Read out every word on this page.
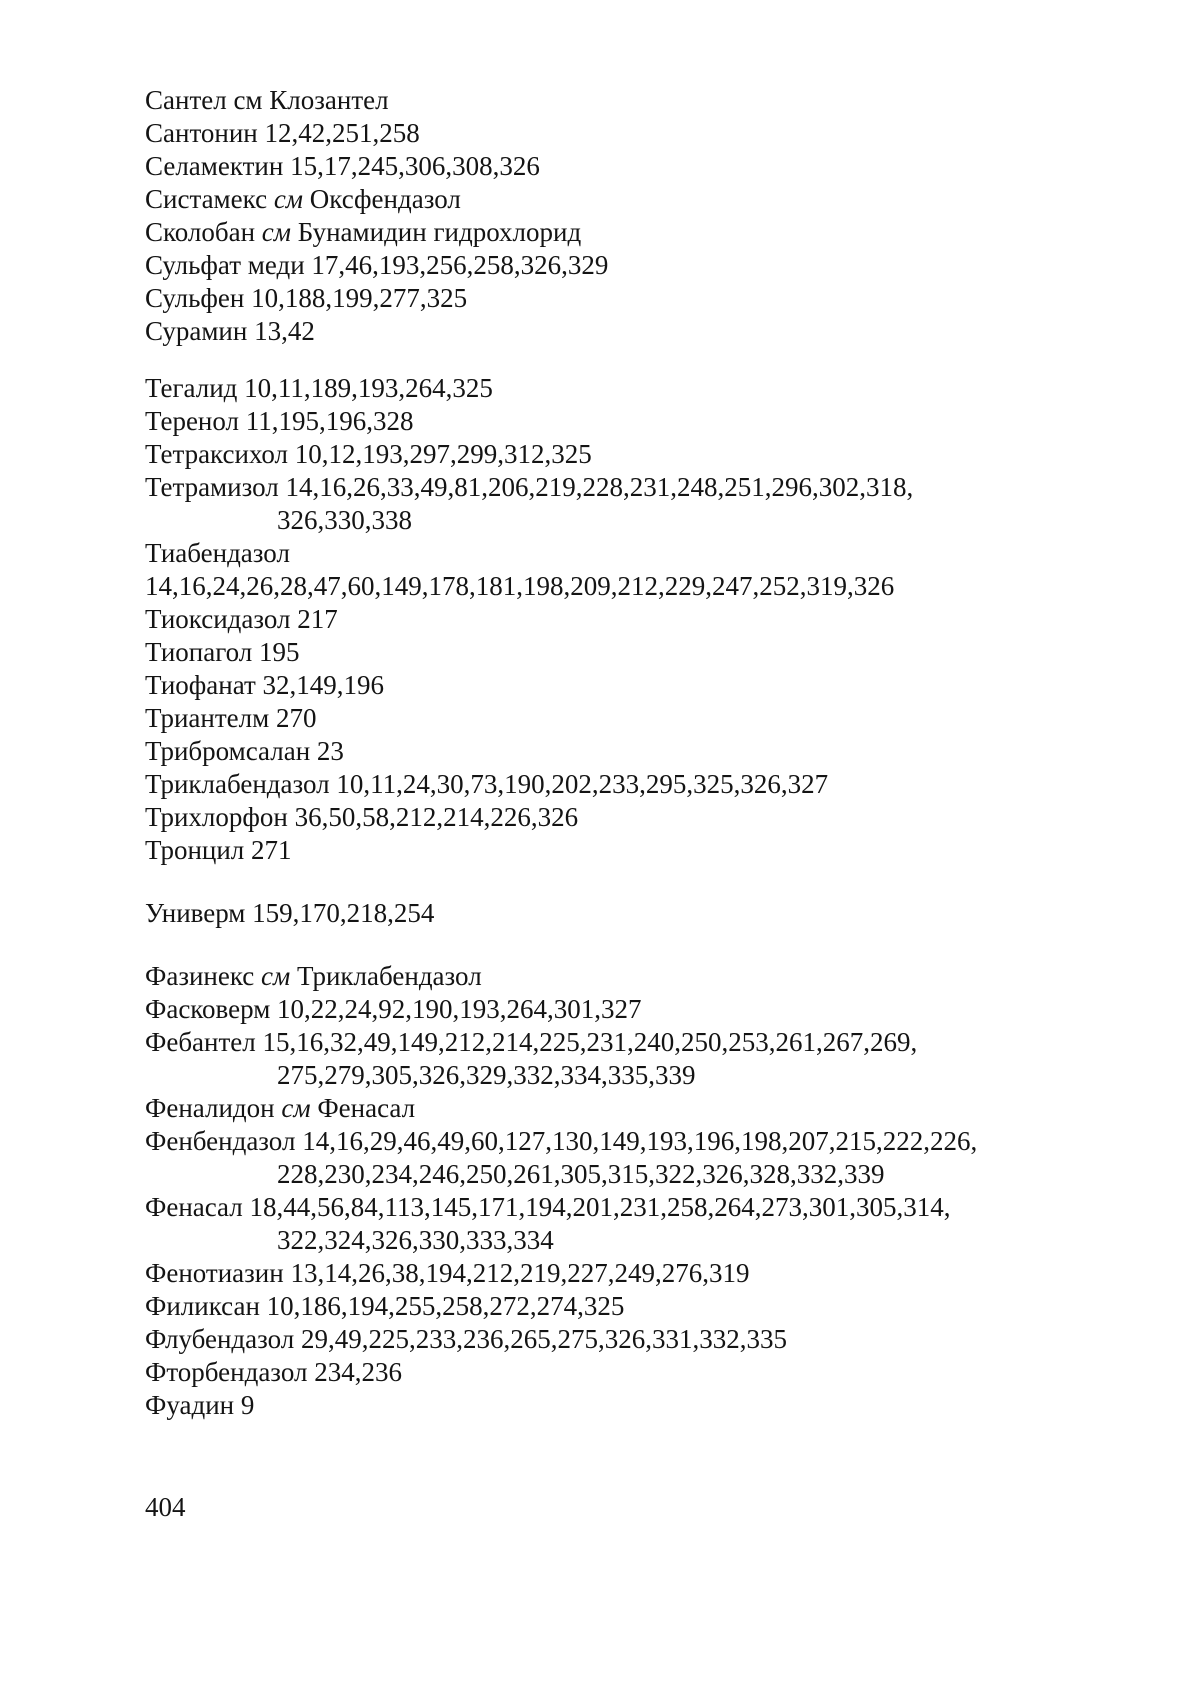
Сантел см Клозантел
Сантонин 12,42,251,258
Селамектин 15,17,245,306,308,326
Систамекс см Оксфендазол
Сколобан см Бунамидин гидрохлорид
Сульфат меди 17,46,193,256,258,326,329
Сульфен 10,188,199,277,325
Сурамин 13,42
Тегалид 10,11,189,193,264,325
Теренол 11,195,196,328
Тетраксихол 10,12,193,297,299,312,325
Тетрамизол 14,16,26,33,49,81,206,219,228,231,248,251,296,302,318,
326,330,338
Тиабендазол
14,16,24,26,28,47,60,149,178,181,198,209,212,229,247,252,319,326
Тиоксидазол 217
Тиопагол 195
Тиофанат 32,149,196
Триантелм 270
Трибромсалан 23
Триклабендазол 10,11,24,30,73,190,202,233,295,325,326,327
Трихлорфон 36,50,58,212,214,226,326
Тронцил 271
Универм 159,170,218,254
Фазинекс см Триклабендазол
Фасковерм 10,22,24,92,190,193,264,301,327
Фебантел 15,16,32,49,149,212,214,225,231,240,250,253,261,267,269,
275,279,305,326,329,332,334,335,339
Феналидон см Фенасал
Фенбендазол 14,16,29,46,49,60,127,130,149,193,196,198,207,215,222,226,
228,230,234,246,250,261,305,315,322,326,328,332,339
Фенасал 18,44,56,84,113,145,171,194,201,231,258,264,273,301,305,314,
322,324,326,330,333,334
Фенотиазин 13,14,26,38,194,212,219,227,249,276,319
Филиксан 10,186,194,255,258,272,274,325
Флубендазол 29,49,225,233,236,265,275,326,331,332,335
Фторбендазол 234,236
Фуадин 9
404
